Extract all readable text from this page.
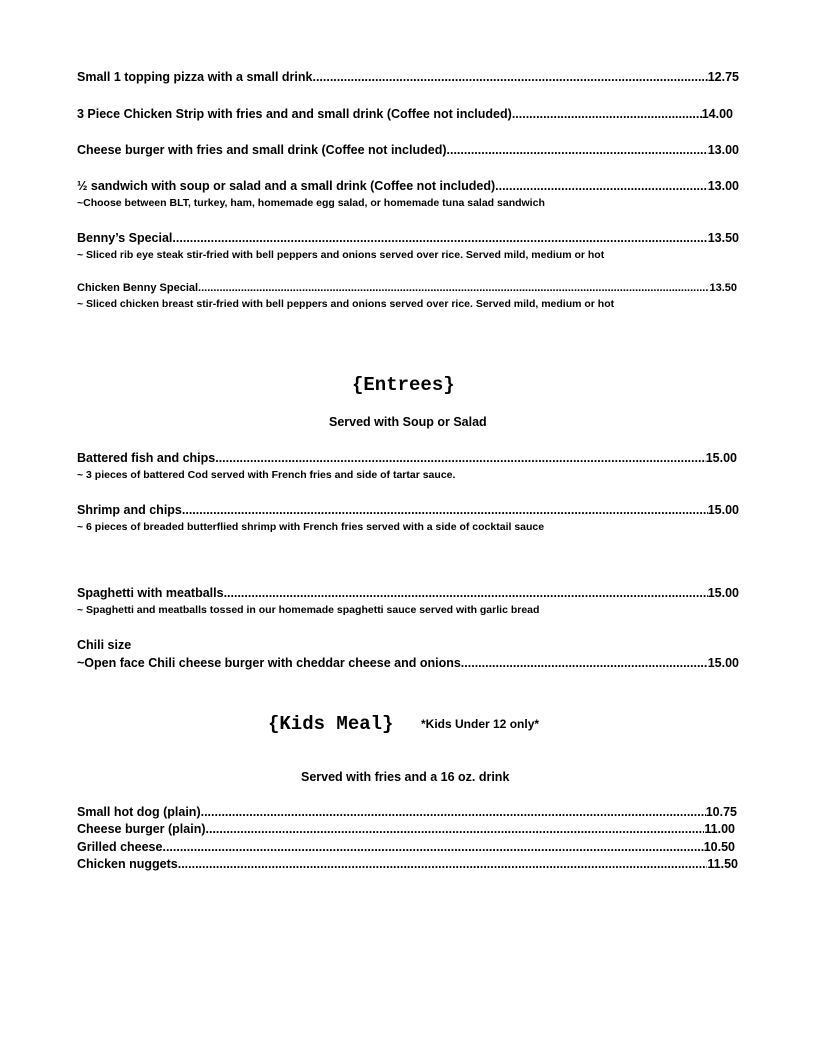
Small 1 topping pizza with a small drink .....	12.75
3 Piece Chicken Strip with fries and and small drink (Coffee not included) .....	14.00
Cheese burger with fries and small drink (Coffee not included) .....	13.00
½ sandwich with soup or salad and a small drink (Coffee not included) .....	13.00
~Choose between BLT, turkey, ham, homemade egg salad, or homemade tuna salad sandwich
Benny’s Special .....	13.50
~ Sliced rib eye steak stir-fried with bell peppers and onions served over rice. Served mild, medium or hot
Chicken Benny Special .....	13.50
~ Sliced chicken breast stir-fried with bell peppers and onions served over rice. Served mild, medium or hot
{Entrees}
Served with Soup or Salad
Battered fish and chips .....	15.00
~ 3 pieces of battered Cod served with French fries and side of tartar sauce.
Shrimp and chips .....	15.00
~ 6 pieces of breaded butterflied shrimp with French fries served with a side of cocktail sauce
Spaghetti with meatballs .....	15.00
~ Spaghetti and meatballs tossed in our homemade spaghetti sauce served with garlic bread
Chili size
~Open face Chili cheese burger with cheddar cheese and onions .....	15.00
{Kids Meal} *Kids Under 12 only*
Served with fries and a 16 oz. drink
Small hot dog (plain) .....	10.75
Cheese burger (plain) .....	11.00
Grilled cheese .....	10.50
Chicken nuggets .....	11.50
